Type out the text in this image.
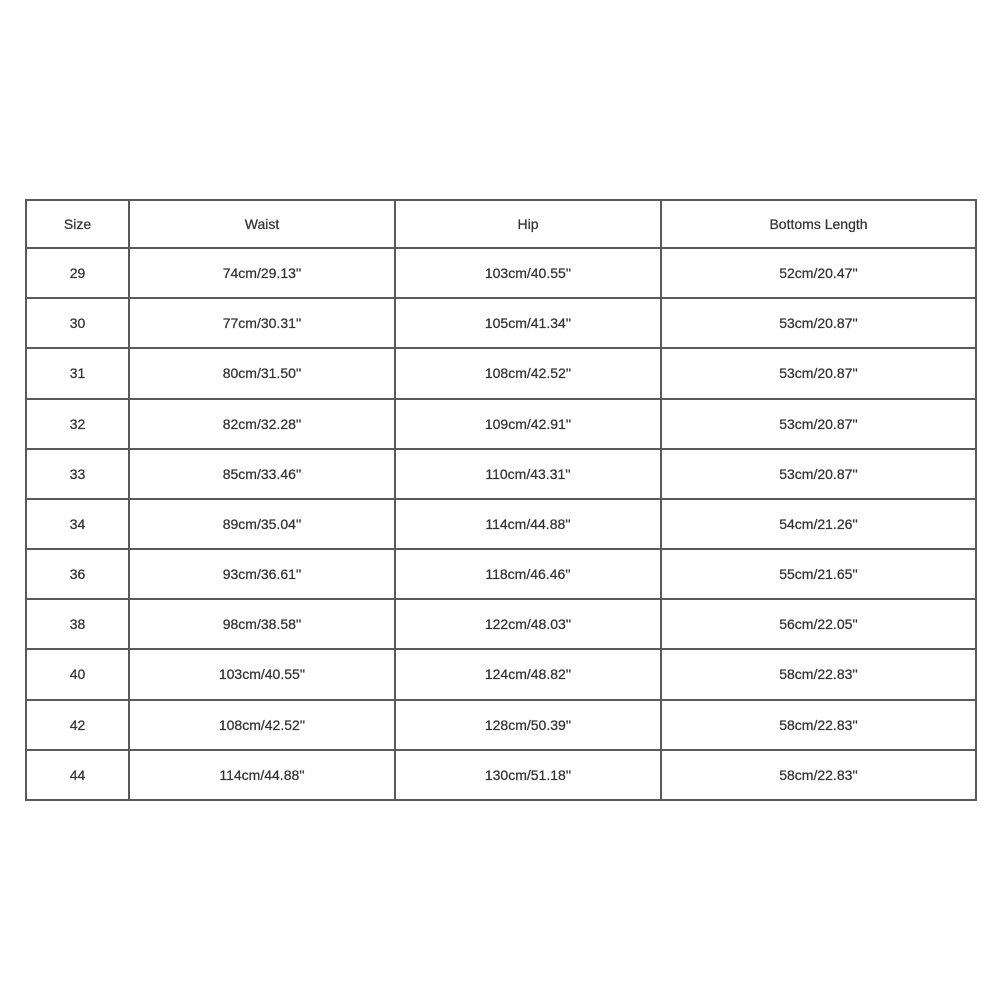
Size	Waist	Hip	Bottoms Length
29	74cm/29.13''	103cm/40.55''	52cm/20.47''
30	77cm/30.31''	105cm/41.34''	53cm/20.87''
31	80cm/31.50''	108cm/42.52''	53cm/20.87''
32	82cm/32.28''	109cm/42.91''	53cm/20.87''
33	85cm/33.46''	110cm/43.31''	53cm/20.87''
34	89cm/35.04''	114cm/44.88''	54cm/21.26''
36	93cm/36.61''	118cm/46.46''	55cm/21.65''
38	98cm/38.58''	122cm/48.03''	56cm/22.05''
40	103cm/40.55''	124cm/48.82''	58cm/22.83''
42	108cm/42.52''	128cm/50.39''	58cm/22.83''
44	114cm/44.88''	130cm/51.18''	58cm/22.83''
